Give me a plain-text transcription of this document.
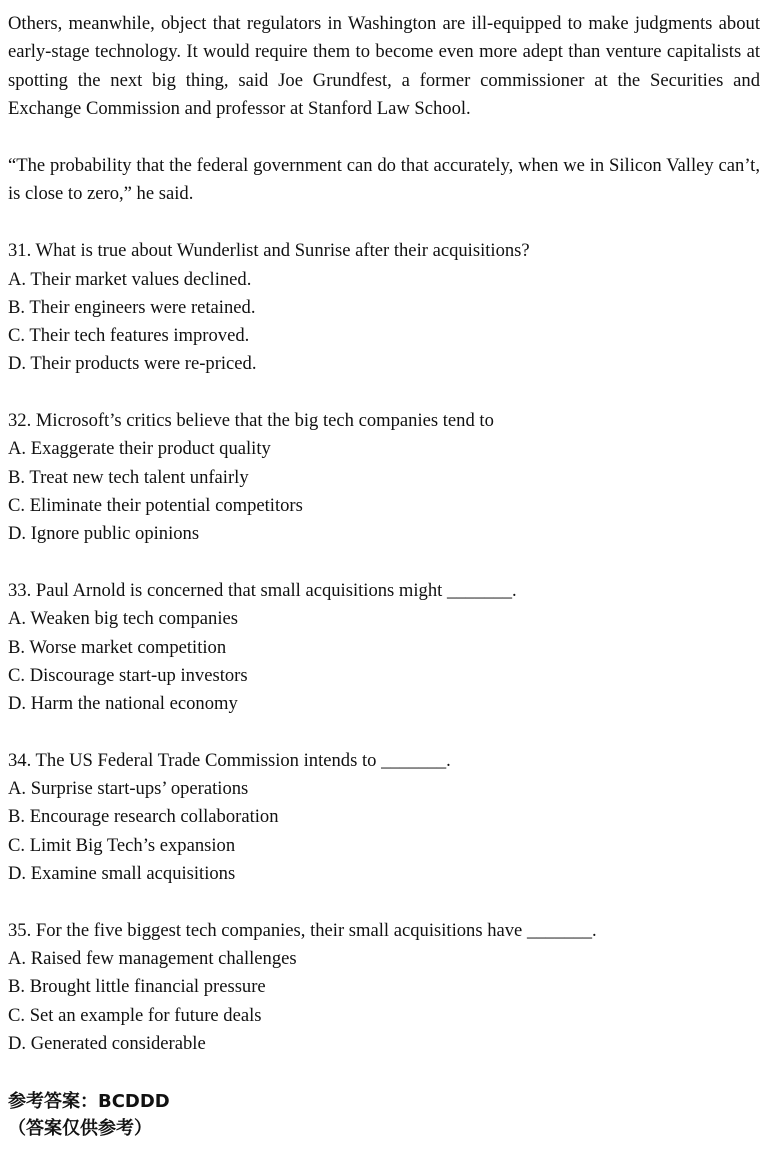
Others, meanwhile, object that regulators in Washington are ill-equipped to make judgments about early-stage technology. It would require them to become even more adept than venture capitalists at spotting the next big thing, said Joe Grundfest, a former commissioner at the Securities and Exchange Commission and professor at Stanford Law School.

“The probability that the federal government can do that accurately, when we in Silicon Valley can’t, is close to zero,” he said.

31. What is true about Wunderlist and Sunrise after their acquisitions?
A. Their market values declined.
B. Their engineers were retained.
C. Their tech features improved.
D. Their products were re-priced.
32. Microsoft’s critics believe that the big tech companies tend to
A. Exaggerate their product quality
B. Treat new tech talent unfairly
C. Eliminate their potential competitors
D. Ignore public opinions
33. Paul Arnold is concerned that small acquisitions might _______.
A. Weaken big tech companies
B. Worse market competition
C. Discourage start-up investors
D. Harm the national economy
34. The US Federal Trade Commission intends to _______.
A. Surprise start-ups’ operations
B. Encourage research collaboration
C. Limit Big Tech’s expansion
D. Examine small acquisitions
35. For the five biggest tech companies, their small acquisitions have _______.
A. Raised few management challenges
B. Brought little financial pressure
C. Set an example for future deals
D. Generated considerable
参考答案：BCDDD
（答案仅供参考）
